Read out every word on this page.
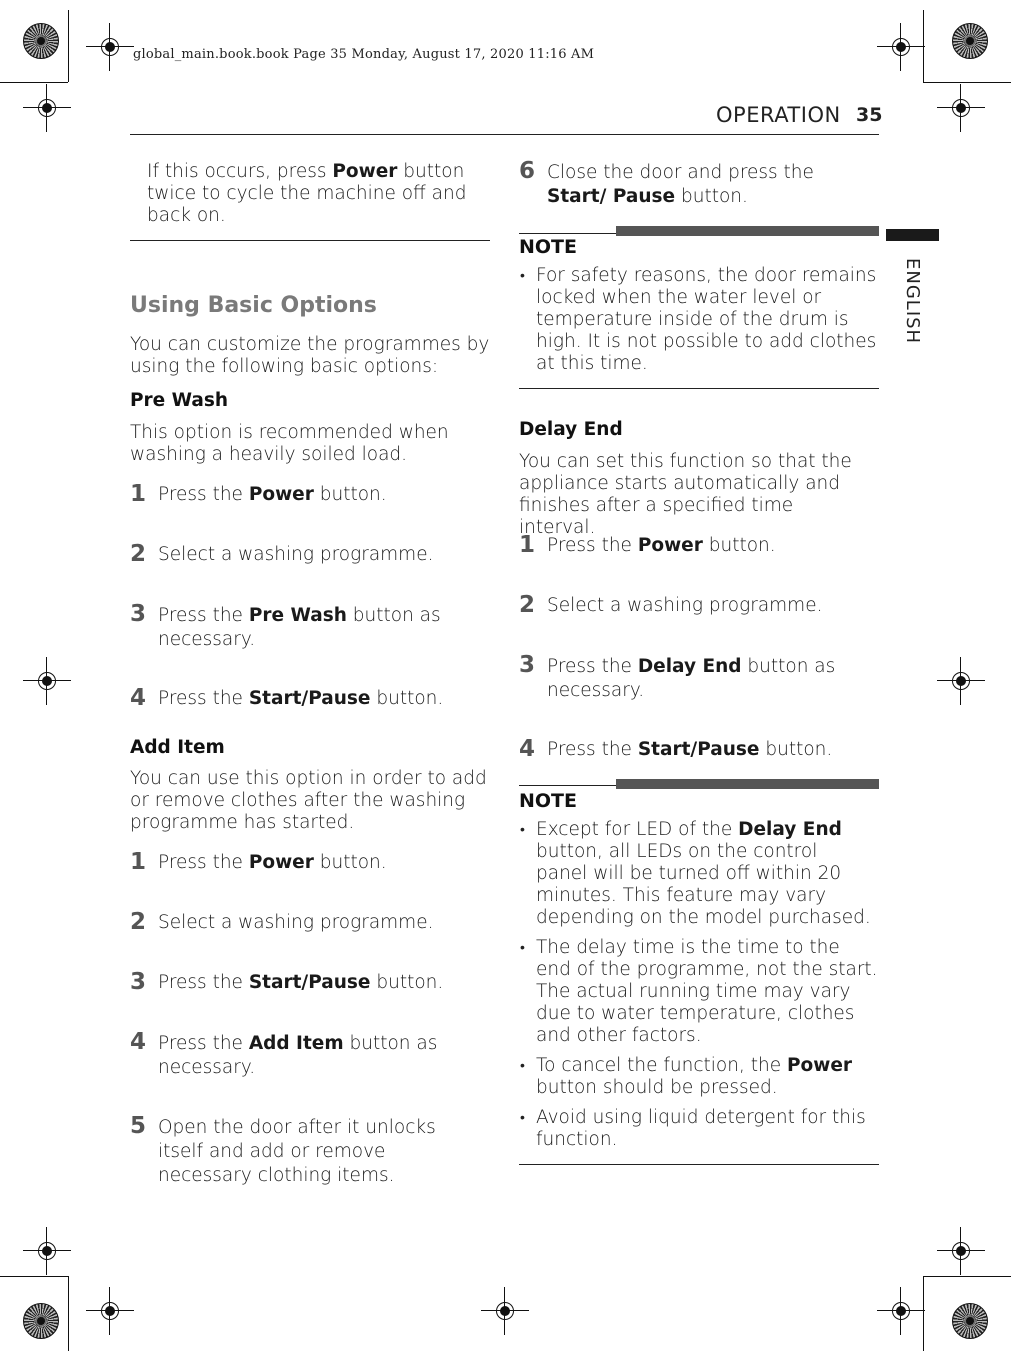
global_main.book.book Page 35 Monday, August 17, 2020 11:16 AM
OPERATION 35
ENGLISH
If this occurs, press Power button twice to cycle the machine off and back on.
Using Basic Options
You can customize the programmes by using the following basic options:
Pre Wash
This option is recommended when washing a heavily soiled load.
1 Press the Power button.
2 Select a washing programme.
3 Press the Pre Wash button as necessary.
4 Press the Start/Pause button.
Add Item
You can use this option in order to add or remove clothes after the washing programme has started.
1 Press the Power button.
2 Select a washing programme.
3 Press the Start/Pause button.
4 Press the Add Item button as necessary.
5 Open the door after it unlocks itself and add or remove necessary clothing items.
6 Close the door and press the Start/ Pause button.
NOTE
• For safety reasons, the door remains locked when the water level or temperature inside of the drum is high. It is not possible to add clothes at this time.
Delay End
You can set this function so that the appliance starts automatically and finishes after a specified time interval.
1 Press the Power button.
2 Select a washing programme.
3 Press the Delay End button as necessary.
4 Press the Start/Pause button.
NOTE
• Except for LED of the Delay End button, all LEDs on the control panel will be turned off within 20 minutes. This feature may vary depending on the model purchased.
• The delay time is the time to the end of the programme, not the start. The actual running time may vary due to water temperature, clothes and other factors.
• To cancel the function, the Power button should be pressed.
• Avoid using liquid detergent for this function.
